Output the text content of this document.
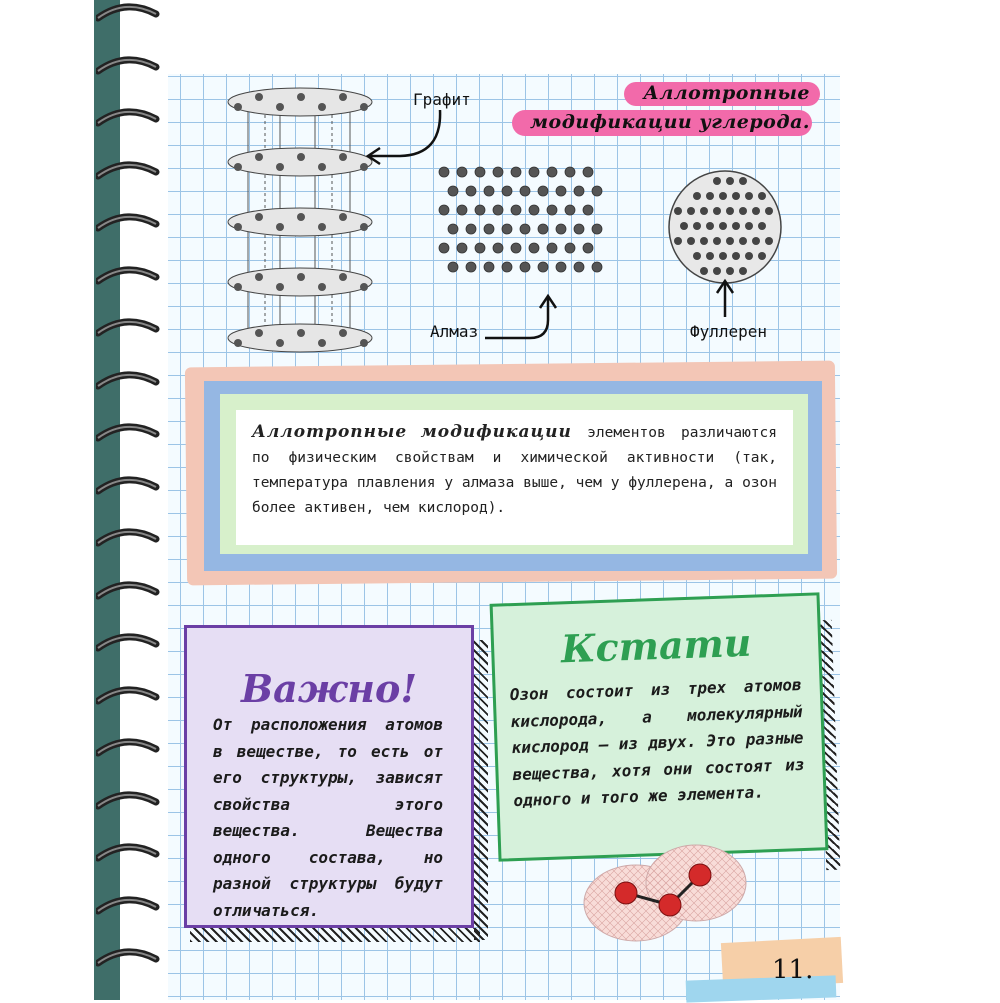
Аллотропные
модификации углерода.
Графит
Алмаз	Фуллерен
Аллотропные модификации элементов различаются по физическим свойствам и химической активности (так, температура плавления у алмаза выше, чем у фуллерена, а озон более активен, чем кислород).
Важно!
От расположения атомов в веществе, то есть от его структуры, зависят свойства этого вещества. Вещества одного состава, но разной структуры будут отличаться.
Кстати
Озон состоит из трех атомов кислорода, а молекулярный кислород — из двух. Это разные вещества, хотя они состоят из одного и того же элемента.
11.
